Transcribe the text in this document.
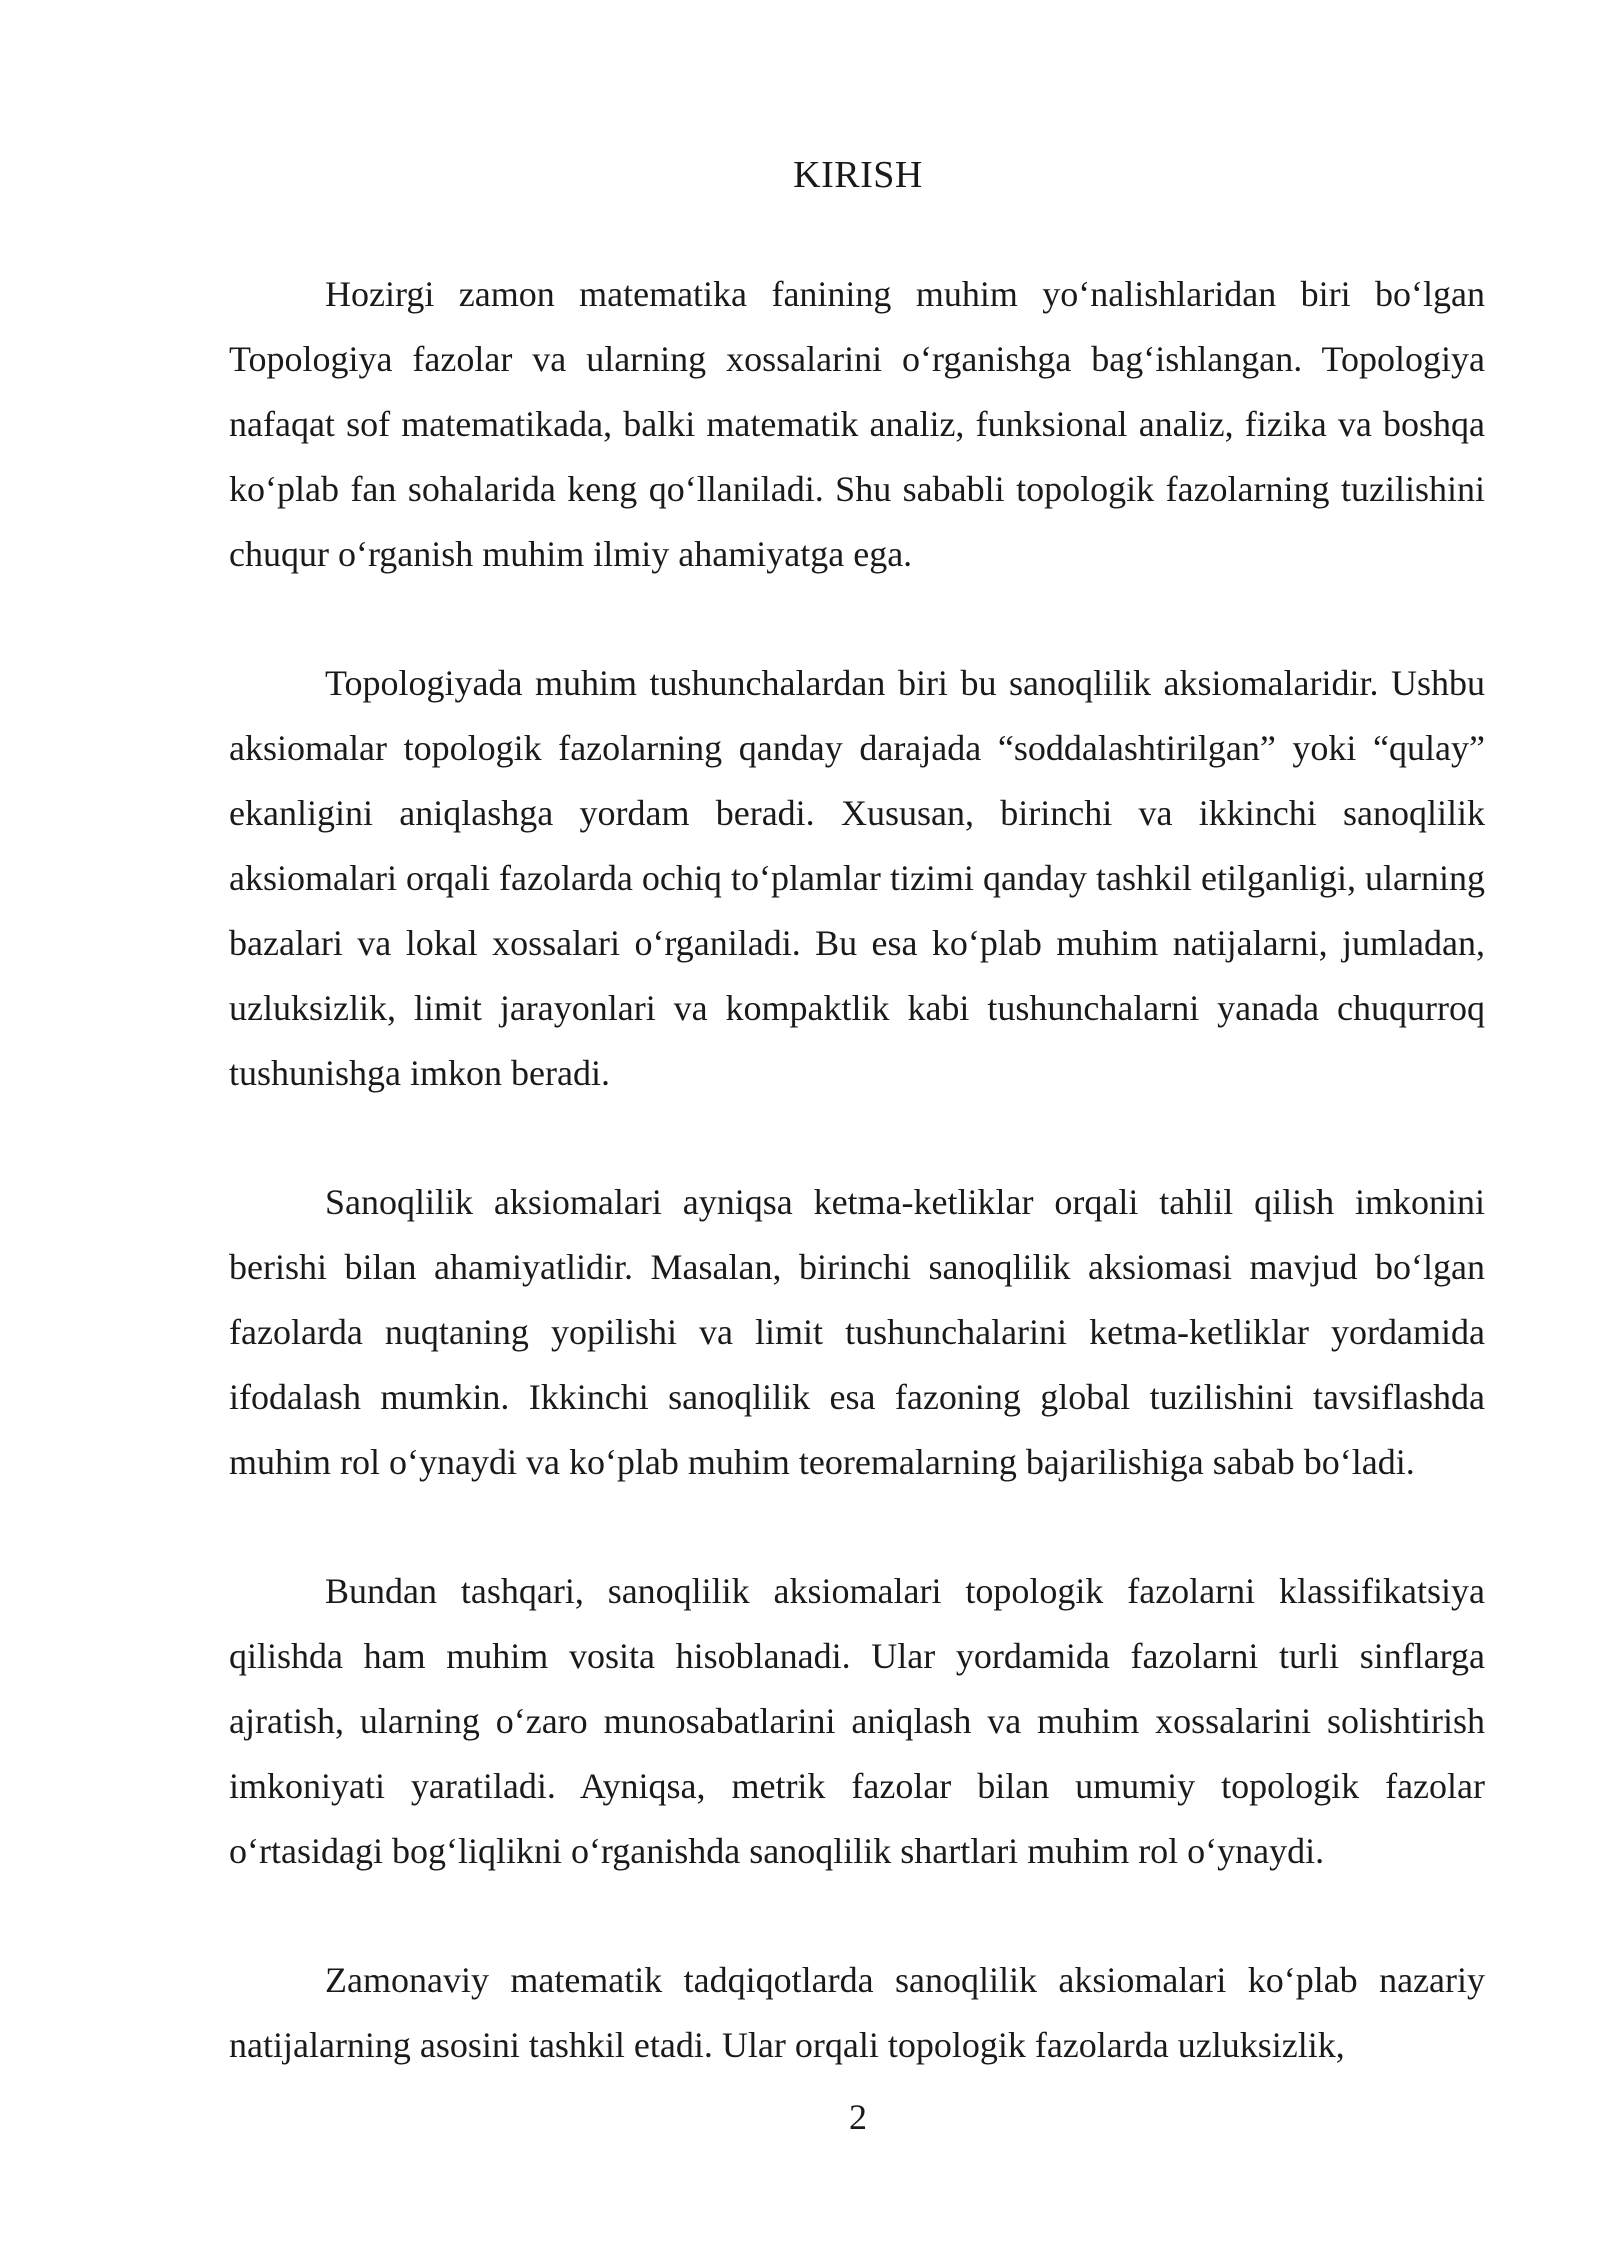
KIRISH

Hozirgi zamon matematika fanining muhim yo‘nalishlaridan biri bo‘lgan Topologiya fazolar va ularning xossalarini o‘rganishga bag‘ishlangan. Topologiya nafaqat sof matematikada, balki matematik analiz, funksional analiz, fizika va boshqa ko‘plab fan sohalarida keng qo‘llaniladi. Shu sababli topologik fazolarning tuzilishini chuqur o‘rganish muhim ilmiy ahamiyatga ega.

Topologiyada muhim tushunchalardan biri bu sanoqlilik aksiomalaridir. Ushbu aksiomalar topologik fazolarning qanday darajada “soddalashtirilgan” yoki “qulay” ekanligini aniqlashga yordam beradi. Xususan, birinchi va ikkinchi sanoqlilik aksiomalari orqali fazolarda ochiq to‘plamlar tizimi qanday tashkil etilganligi, ularning bazalari va lokal xossalari o‘rganiladi. Bu esa ko‘plab muhim natijalarni, jumladan, uzluksizlik, limit jarayonlari va kompaktlik kabi tushunchalarni yanada chuqurroq tushunishga imkon beradi.

Sanoqlilik aksiomalari ayniqsa ketma-ketliklar orqali tahlil qilish imkonini berishi bilan ahamiyatlidir. Masalan, birinchi sanoqlilik aksiomasi mavjud bo‘lgan fazolarda nuqtaning yopilishi va limit tushunchalarini ketma-ketliklar yordamida ifodalash mumkin. Ikkinchi sanoqlilik esa fazoning global tuzilishini tavsiflashda muhim rol o‘ynaydi va ko‘plab muhim teoremalarning bajarilishiga sabab bo‘ladi.

Bundan tashqari, sanoqlilik aksiomalari topologik fazolarni klassifikatsiya qilishda ham muhim vosita hisoblanadi. Ular yordamida fazolarni turli sinflarga ajratish, ularning o‘zaro munosabatlarini aniqlash va muhim xossalarini solishtirish imkoniyati yaratiladi. Ayniqsa, metrik fazolar bilan umumiy topologik fazolar o‘rtasidagi bog‘liqlikni o‘rganishda sanoqlilik shartlari muhim rol o‘ynaydi.

Zamonaviy matematik tadqiqotlarda sanoqlilik aksiomalari ko‘plab nazariy natijalarning asosini tashkil etadi. Ular orqali topologik fazolarda uzluksizlik,

2
